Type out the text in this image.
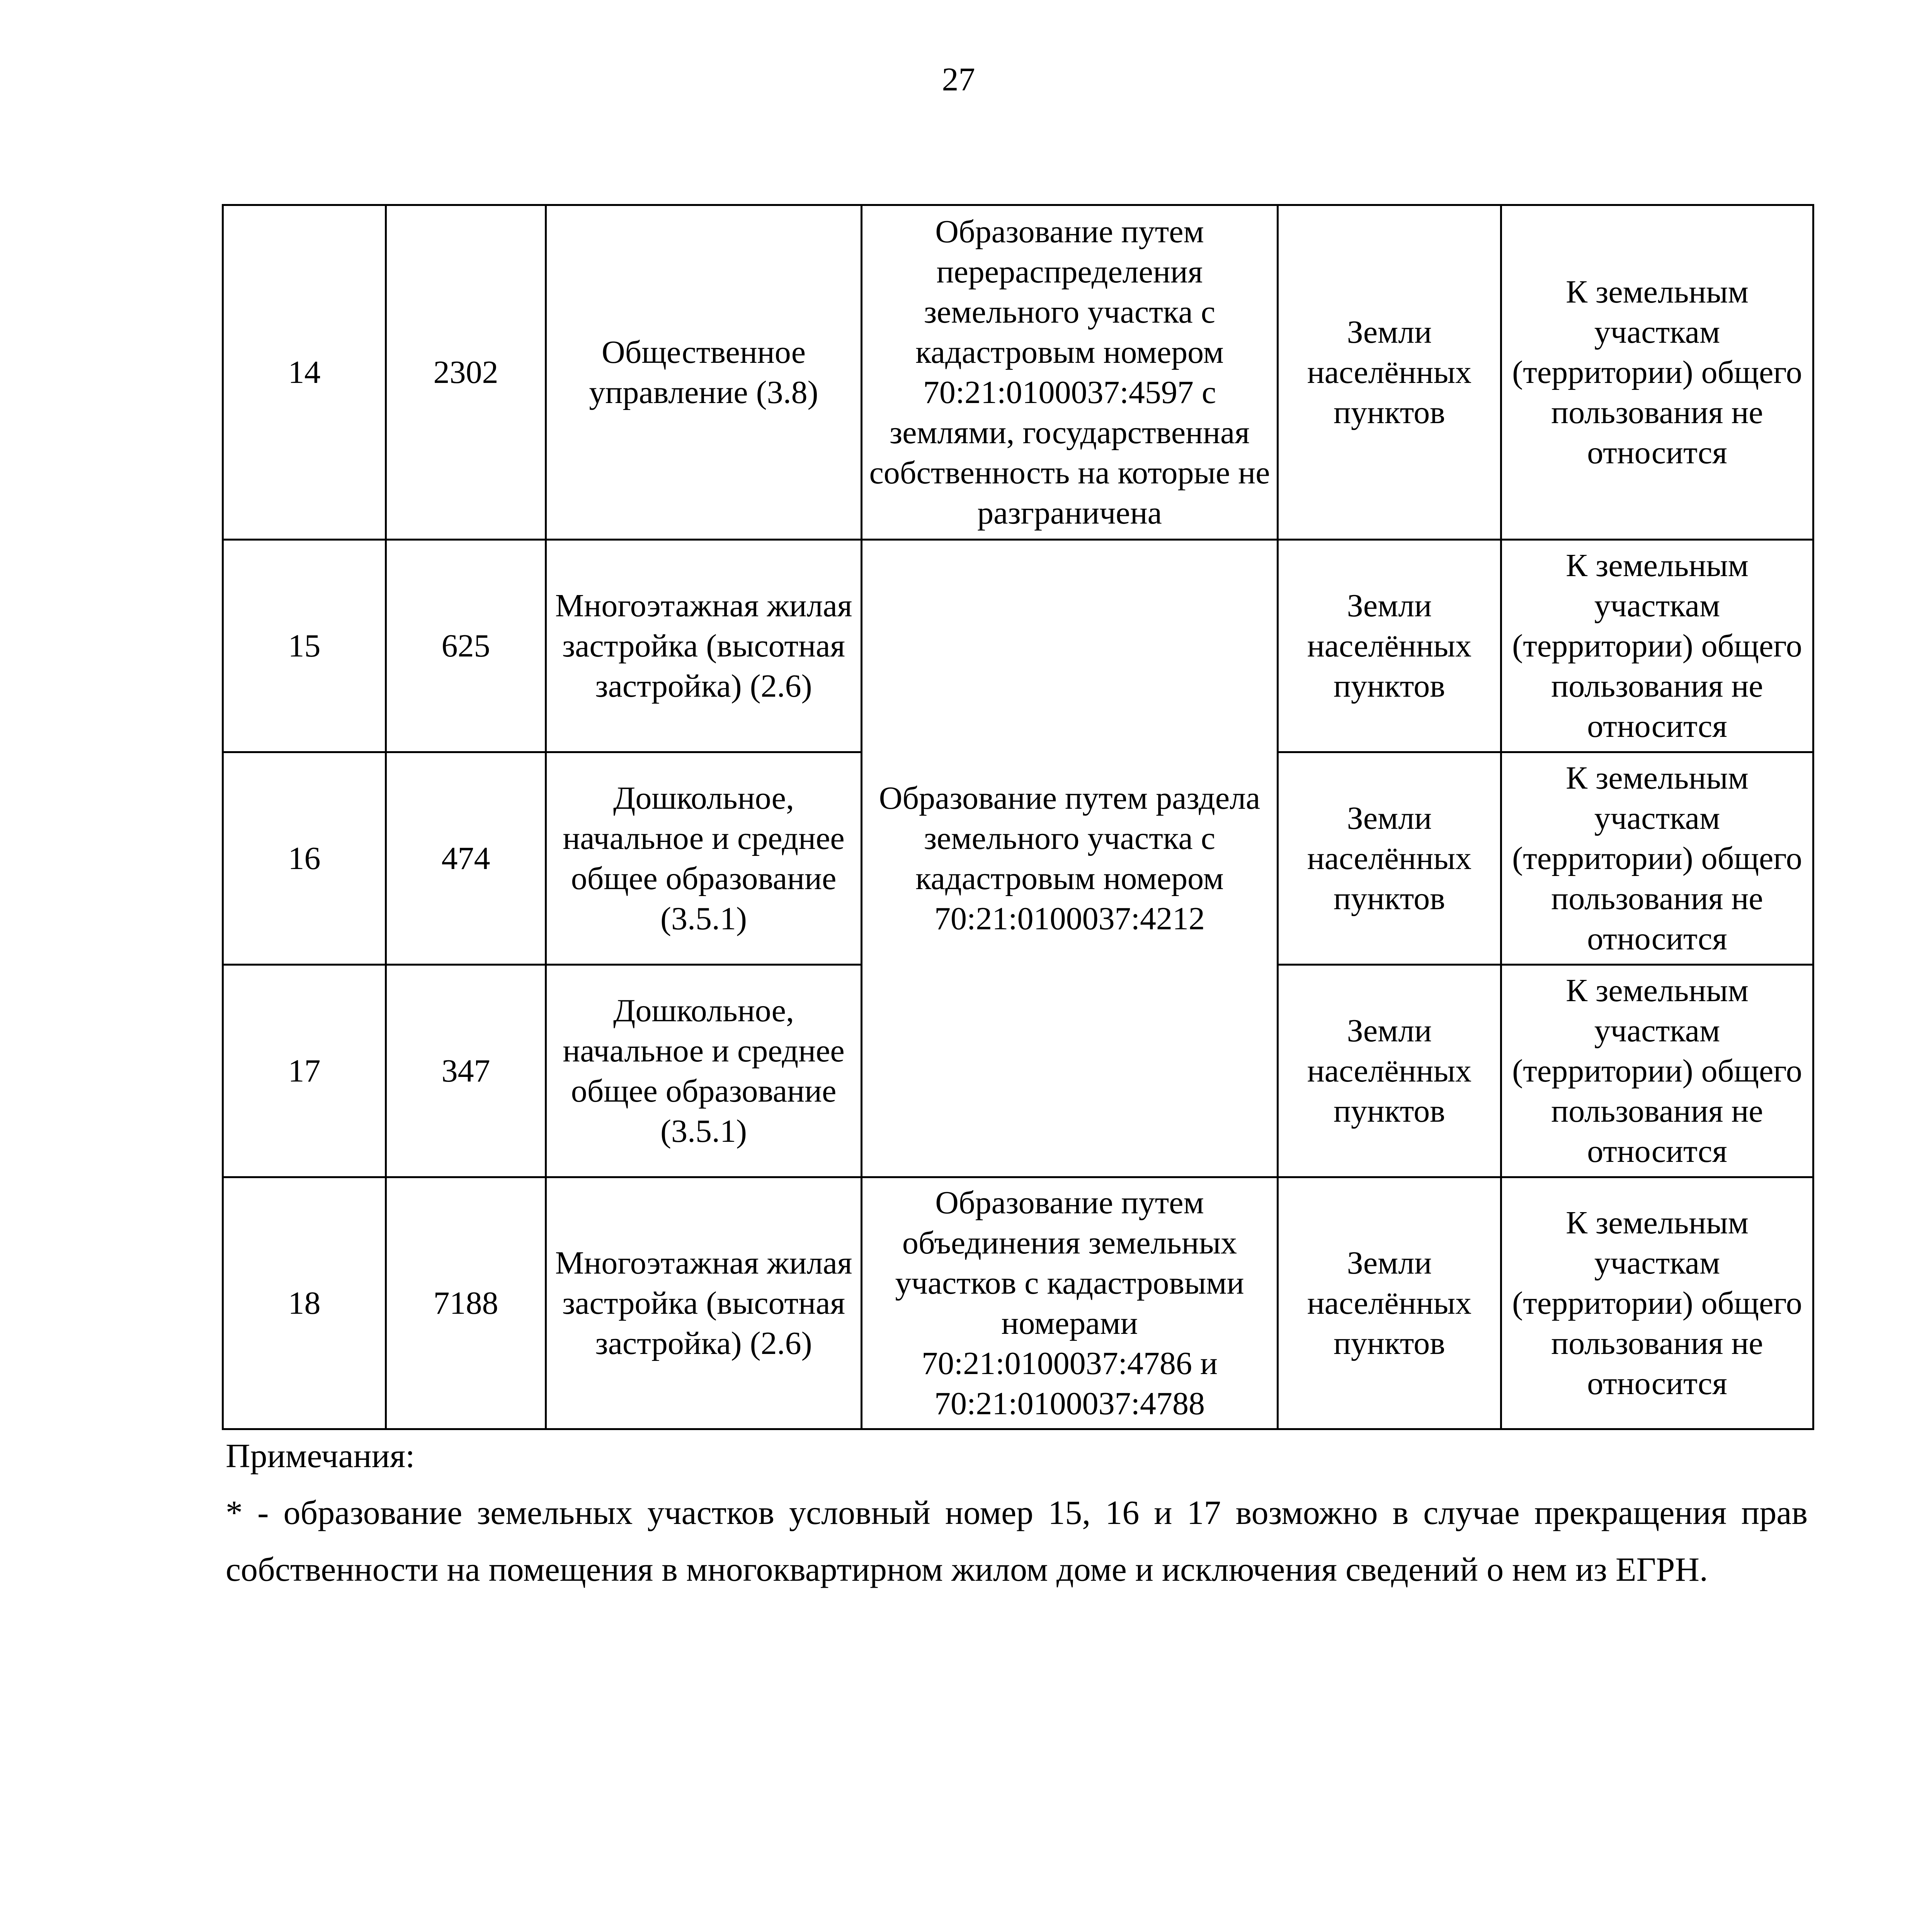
27
14	2302	Общественное управление (3.8)	Образование путем перераспределения земельного участка с кадастровым номером 70:21:0100037:4597 с землями, государственная собственность на которые не разграничена	Земли населённых пунктов	К земельным участкам (территории) общего пользования не относится
15	625	Многоэтажная жилая застройка (высотная застройка) (2.6)	Образование путем раздела земельного участка с кадастровым номером 70:21:0100037:4212	Земли населённых пунктов	К земельным участкам (территории) общего пользования не относится
16	474	Дошкольное, начальное и среднее общее образование (3.5.1)		Земли населённых пунктов	К земельным участкам (территории) общего пользования не относится
17	347	Дошкольное, начальное и среднее общее образование (3.5.1)		Земли населённых пунктов	К земельным участкам (территории) общего пользования не относится
18	7188	Многоэтажная жилая застройка (высотная застройка) (2.6)	Образование путем объединения земельных участков с кадастровыми номерами 70:21:0100037:4786 и 70:21:0100037:4788	Земли населённых пунктов	К земельным участкам (территории) общего пользования не относится
Примечания:
* - образование земельных участков условный номер 15, 16 и 17 возможно в случае прекращения прав собственности на помещения в многоквартирном жилом доме и исключения сведений о нем из ЕГРН.
